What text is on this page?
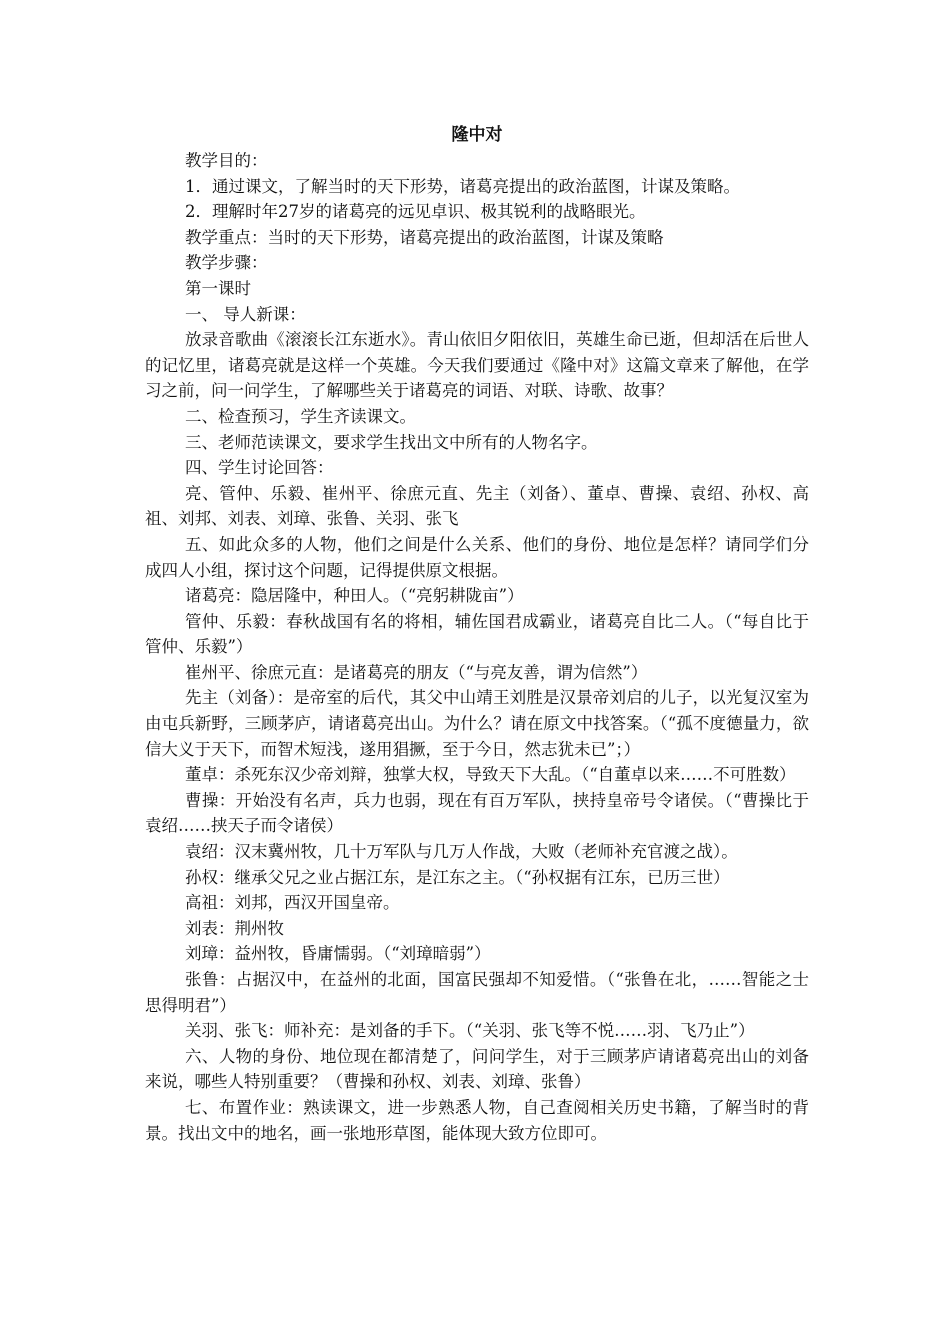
隆中对

教学目的：

1．通过课文，了解当时的天下形势，诸葛亮提出的政治蓝图，计谋及策略。

2．理解时年27岁的诸葛亮的远见卓识、极其锐利的战略眼光。

教学重点：当时的天下形势，诸葛亮提出的政治蓝图，计谋及策略

教学步骤：

第一课时

一、 导人新课：

放录音歌曲《滚滚长江东逝水》。青山依旧夕阳依旧，英雄生命已逝，但却活在后世人的记忆里，诸葛亮就是这样一个英雄。今天我们要通过《隆中对》这篇文章来了解他，在学习之前，问一问学生，了解哪些关于诸葛亮的词语、对联、诗歌、故事？

二、检查预习，学生齐读课文。

三、老师范读课文，要求学生找出文中所有的人物名字。

四、学生讨论回答：

亮、管仲、乐毅、崔州平、徐庶元直、先主（刘备）、董卓、曹操、袁绍、孙权、高祖、刘邦、刘表、刘璋、张鲁、关羽、张飞

五、如此众多的人物，他们之间是什么关系、他们的身份、地位是怎样？请同学们分成四人小组，探讨这个问题，记得提供原文根据。

诸葛亮：隐居隆中，种田人。（“亮躬耕陇亩”）

管仲、乐毅：春秋战国有名的将相，辅佐国君成霸业，诸葛亮自比二人。（“每自比于管仲、乐毅”）

崔州平、徐庶元直：是诸葛亮的朋友（“与亮友善，谓为信然”）

先主（刘备）：是帝室的后代，其父中山靖王刘胜是汉景帝刘启的儿子，以光复汉室为由屯兵新野，三顾茅庐，请诸葛亮出山。为什么？请在原文中找答案。（“孤不度德量力，欲信大义于天下，而智术短浅，遂用猖撅，至于今日，然志犹未已”；）

董卓：杀死东汉少帝刘辩，独掌大权，导致天下大乱。（“自董卓以来……不可胜数）

曹操：开始没有名声，兵力也弱，现在有百万军队，挟持皇帝号令诸侯。（“曹操比于袁绍……挟天子而令诸侯）

袁绍：汉末冀州牧，几十万军队与几万人作战，大败（老师补充官渡之战）。

孙权：继承父兄之业占据江东，是江东之主。（“孙权据有江东，已历三世）

高祖：刘邦，西汉开国皇帝。

刘表：荆州牧

刘璋：益州牧，昏庸懦弱。（“刘璋暗弱”）

张鲁：占据汉中，在益州的北面，国富民强却不知爱惜。（“张鲁在北，……智能之士思得明君”）

关羽、张飞：师补充：是刘备的手下。（“关羽、张飞等不悦……羽、飞乃止”）

六、人物的身份、地位现在都清楚了，问问学生，对于三顾茅庐请诸葛亮出山的刘备来说，哪些人特别重要？（曹操和孙权、刘表、刘璋、张鲁）

七、布置作业：熟读课文，进一步熟悉人物，自己查阅相关历史书籍，了解当时的背景。找出文中的地名，画一张地形草图，能体现大致方位即可。
